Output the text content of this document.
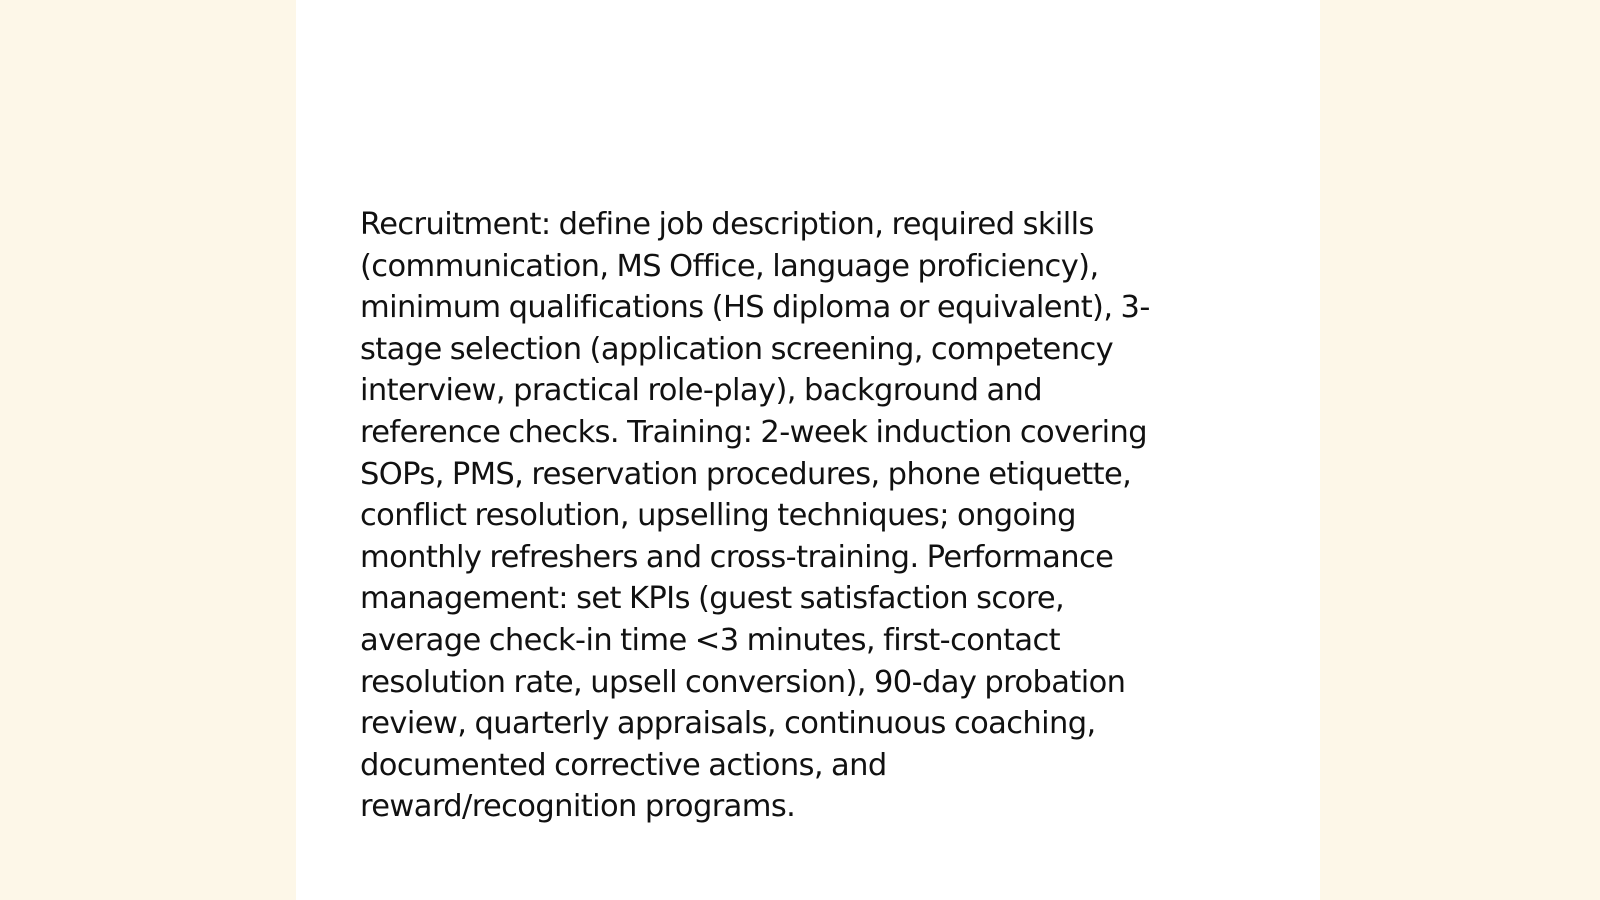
Recruitment: define job description, required skills
(communication, MS Office, language proficiency),
minimum qualifications (HS diploma or equivalent), 3-
stage selection (application screening, competency
interview, practical role-play), background and
reference checks. Training: 2-week induction covering
SOPs, PMS, reservation procedures, phone etiquette,
conflict resolution, upselling techniques; ongoing
monthly refreshers and cross-training. Performance
management: set KPIs (guest satisfaction score,
average check-in time <3 minutes, first-contact
resolution rate, upsell conversion), 90-day probation
review, quarterly appraisals, continuous coaching,
documented corrective actions, and
reward/recognition programs.
